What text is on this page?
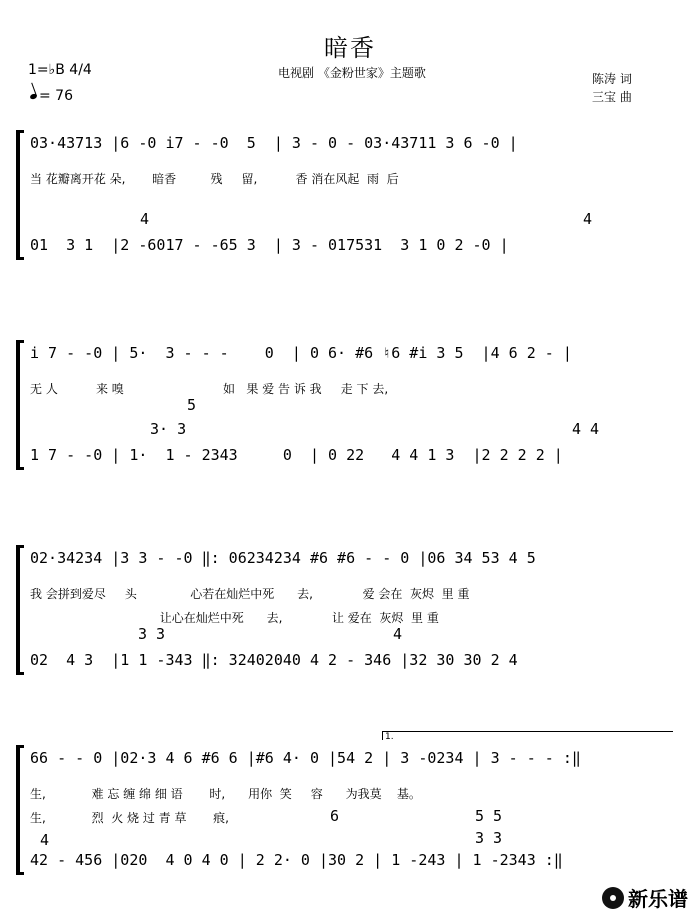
暗香
电视剧 《金粉世家》主题歌	陈涛 词
三宝 曲
1=♭B 4/4
= 76
4	4
03·43713 |6 -0 i7 - -0  5  | 3 - 0 - 03·43711 3 6 -0 |
当 花瓣离开花 朵,       暗香         残     留,          香 消在风起  雨  后
01  3 1  |2 -6017 - -65 3  | 3 - 017531  3 1 0 2 -0 |
5
3· 3	4 4
i 7 - -0 | 5·  3 - - -    0  | 0 6· #6 ♮6 #i 3 5  |4 6 2 - |
无 人          来 嗅                          如   果 爱 告 诉 我     走 下 去,
1 7 - -0 | 1·  1 - 2343     0  | 0 22   4 4 1 3  |2 2 2 2 |
3 3	4
02·34234 |3 3 - -0 ‖: 06234234 #6 #6 - - 0 |06 34 53 4 5
我 会拼到爱尽     头              心若在灿烂中死      去,             爱 会在  灰烬  里 重
让心在灿烂中死      去,             让 爱在  灰烬  里 重
02  4 3  |1 1 -343 ‖: 32402040 4 2 - 346 |32 30 30 2 4
1.
4
6	5 5
3 3
66 - - 0 |02·3 4 6 #6 6 |#6 4· 0 |54 2 | 3 -0234 | 3 - - - :‖
生,            难 忘 缠 绵 细 语       时,      用你  笑     容      为我莫    基。
生,            烈  火 烧 过 青 草       痕,
42 - 456 |020  4 0 4 0 | 2 2· 0 |30 2 | 1 -243 | 1 -2343 :‖
新乐谱
